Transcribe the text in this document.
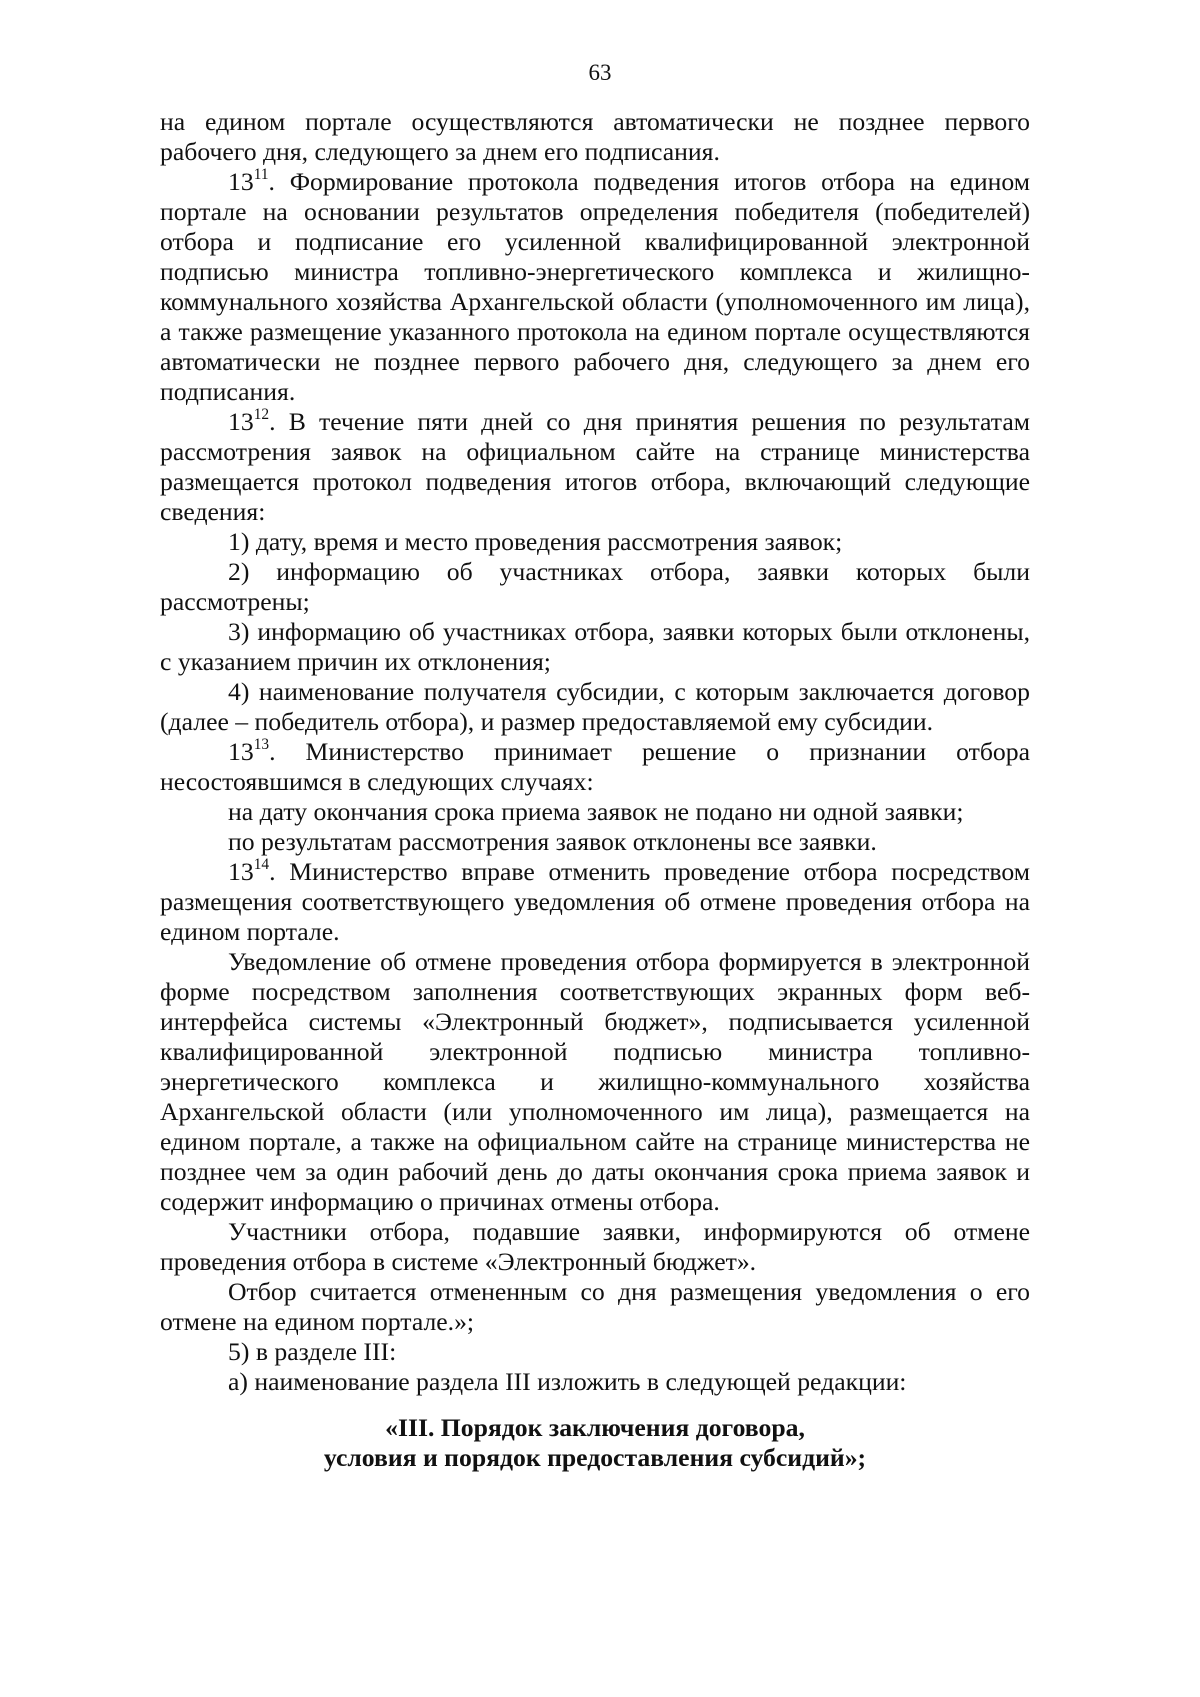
63

на едином портале осуществляются автоматически не позднее первого рабочего дня, следующего за днем его подписания.

$13^{11}$. Формирование протокола подведения итогов отбора на едином портале на основании результатов определения победителя (победителей) отбора и подписание его усиленной квалифицированной электронной подписью министра топливно-энергетического комплекса и жилищно-коммунального хозяйства Архангельской области (уполномоченного им лица), а также размещение указанного протокола на едином портале осуществляются автоматически не позднее первого рабочего дня, следующего за днем его подписания.

$13^{12}$. В течение пяти дней со дня принятия решения по результатам рассмотрения заявок на официальном сайте на странице министерства размещается протокол подведения итогов отбора, включающий следующие сведения:

1) дату, время и место проведения рассмотрения заявок;

2) информацию об участниках отбора, заявки которых были рассмотрены;

3) информацию об участниках отбора, заявки которых были отклонены, с указанием причин их отклонения;

4) наименование получателя субсидии, с которым заключается договор (далее – победитель отбора), и размер предоставляемой ему субсидии.

$13^{13}$. Министерство принимает решение о признании отбора несостоявшимся в следующих случаях:

на дату окончания срока приема заявок не подано ни одной заявки;

по результатам рассмотрения заявок отклонены все заявки.

$13^{14}$. Министерство вправе отменить проведение отбора посредством размещения соответствующего уведомления об отмене проведения отбора на едином портале.

Уведомление об отмене проведения отбора формируется в электронной форме посредством заполнения соответствующих экранных форм веб-интерфейса системы «Электронный бюджет», подписывается усиленной квалифицированной электронной подписью министра топливно-энергетического комплекса и жилищно-коммунального хозяйства Архангельской области (или уполномоченного им лица), размещается на едином портале, а также на официальном сайте на странице министерства не позднее чем за один рабочий день до даты окончания срока приема заявок и содержит информацию о причинах отмены отбора.

Участники отбора, подавшие заявки, информируются об отмене проведения отбора в системе «Электронный бюджет».

Отбор считается отмененным со дня размещения уведомления о его отмене на едином портале.»;

5) в разделе III:

а) наименование раздела III изложить в следующей редакции:

«III. Порядок заключения договора,
условия и порядок предоставления субсидий»;
